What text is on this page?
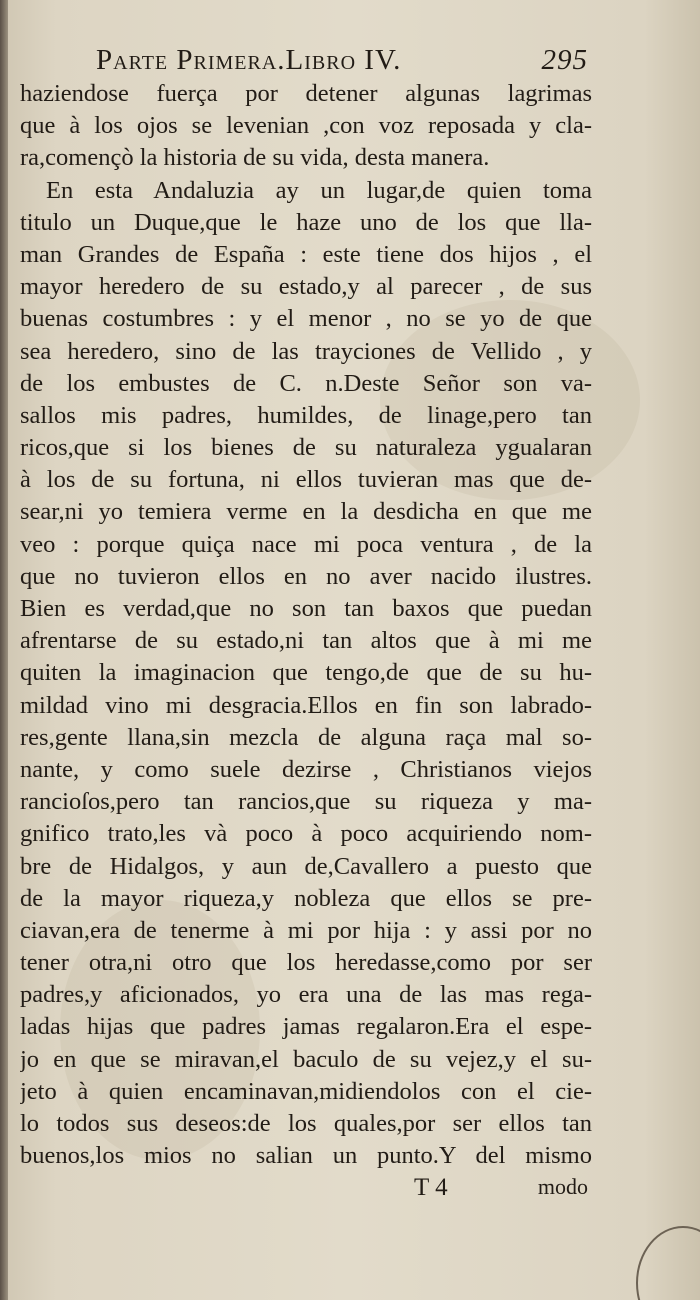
Parte Primera.Libro IV.	295
haziendose fuerça por detener algunas lagrimas
que à los ojos se levenian ,con voz reposada y cla-
ra,començò la historia de su vida, desta manera.
En esta Andaluzia ay un lugar,de quien toma
titulo un Duque,que le haze uno de los que lla-
man Grandes de España : este tiene dos hijos , el
mayor heredero de su estado,y al parecer , de sus
buenas costumbres : y el menor , no se yo de que
sea heredero, sino de las trayciones de Vellido , y
de los embustes de C. n.Deste Señor son va-
sallos mis padres, humildes, de linage,pero tan
ricos,que si los bienes de su naturaleza ygualaran
à los de su fortuna, ni ellos tuvieran mas que de-
sear,ni yo temiera verme en la desdicha en que me
veo : porque quiça nace mi poca ventura , de la
que no tuvieron ellos en no aver nacido ilustres.
Bien es verdad,que no son tan baxos que puedan
afrentarse de su estado,ni tan altos que à mi me
quiten la imaginacion que tengo,de que de su hu-
mildad vino mi desgracia.Ellos en fin son labrado-
res,gente llana,sin mezcla de alguna raça mal so-
nante, y como suele dezirse , Christianos viejos
rancioſos,pero tan rancios,que su riqueza y ma-
gnifico trato,les và poco à poco acquiriendo nom-
bre de Hidalgos, y aun de,Cavallero a puesto que
de la mayor riqueza,y nobleza que ellos se pre-
ciavan,era de tenerme à mi por hija : y assi por no
tener otra,ni otro que los heredasse,como por ser
padres,y aficionados, yo era una de las mas rega-
ladas hijas que padres jamas regalaron.Era el espe-
jo en que se miravan,el baculo de su vejez,y el su-
jeto à quien encaminavan,midiendolos con el cie-
lo todos sus deseos:de los quales,por ser ellos tan
buenos,los mios no salian un punto.Y del mismo
T 4	modo
